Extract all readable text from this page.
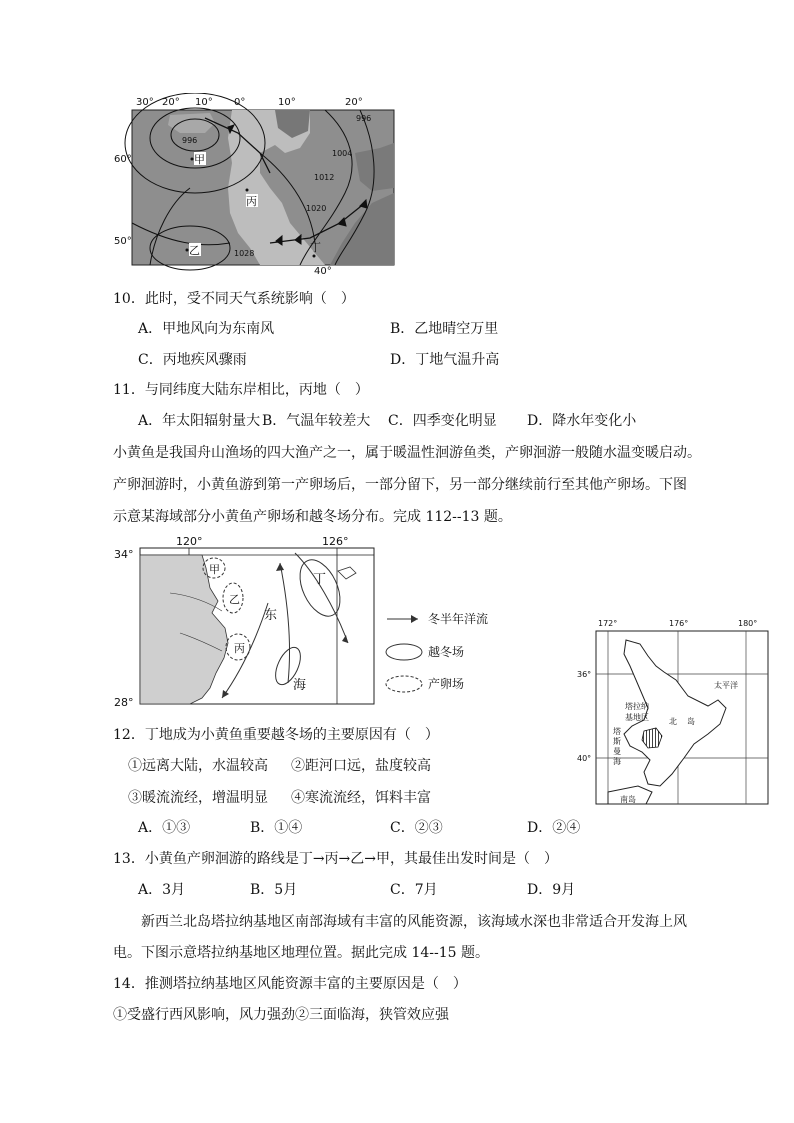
30° 20° 10° 0°	10°	20°
60°
50°
40°
996
996
1004
1012
1020
1028
甲
乙
丙
丁
10．此时，受不同天气系统影响（　）
A．甲地风向为东南风	B．乙地晴空万里
C．丙地疾风骤雨	D．丁地气温升高
11．与同纬度大陆东岸相比，丙地（　）
A．年太阳辐射量大 B．气温年较差大 C．四季变化明显 D．降水年变化小
小黄鱼是我国舟山渔场的四大渔产之一，属于暖温性洄游鱼类，产卵洄游一般随水温变暖启动。
产卵洄游时，小黄鱼游到第一产卵场后，一部分留下，另一部分继续前行至其他产卵场。下图
示意某海域部分小黄鱼产卵场和越冬场分布。完成 112--13 题。
120°	126°
34°
28°
甲
乙
丙
丁
东
海
冬半年洋流
越冬场
产卵场
172°	176°	180°
36°
40°
太平洋
北 岛
塔拉纳
基地区
塔
斯
曼
海
南岛
12．丁地成为小黄鱼重要越冬场的主要原因有（　）
①远离大陆，水温较高 ②距河口远，盐度较高
③暖流流经，增温明显 ④寒流流经，饵料丰富
A．①③	B．①④	C．②③	D．②④
13．小黄鱼产卵洄游的路线是丁→丙→乙→甲，其最佳出发时间是（　）
A．3月	B．5月	C．7月	D．9月
新西兰北岛塔拉纳基地区南部海域有丰富的风能资源，该海域水深也非常适合开发海上风
电。下图示意塔拉纳基地区地理位置。据此完成 14--15 题。
14．推测塔拉纳基地区风能资源丰富的主要原因是（　）
①受盛行西风影响，风力强劲②三面临海，狭管效应强
